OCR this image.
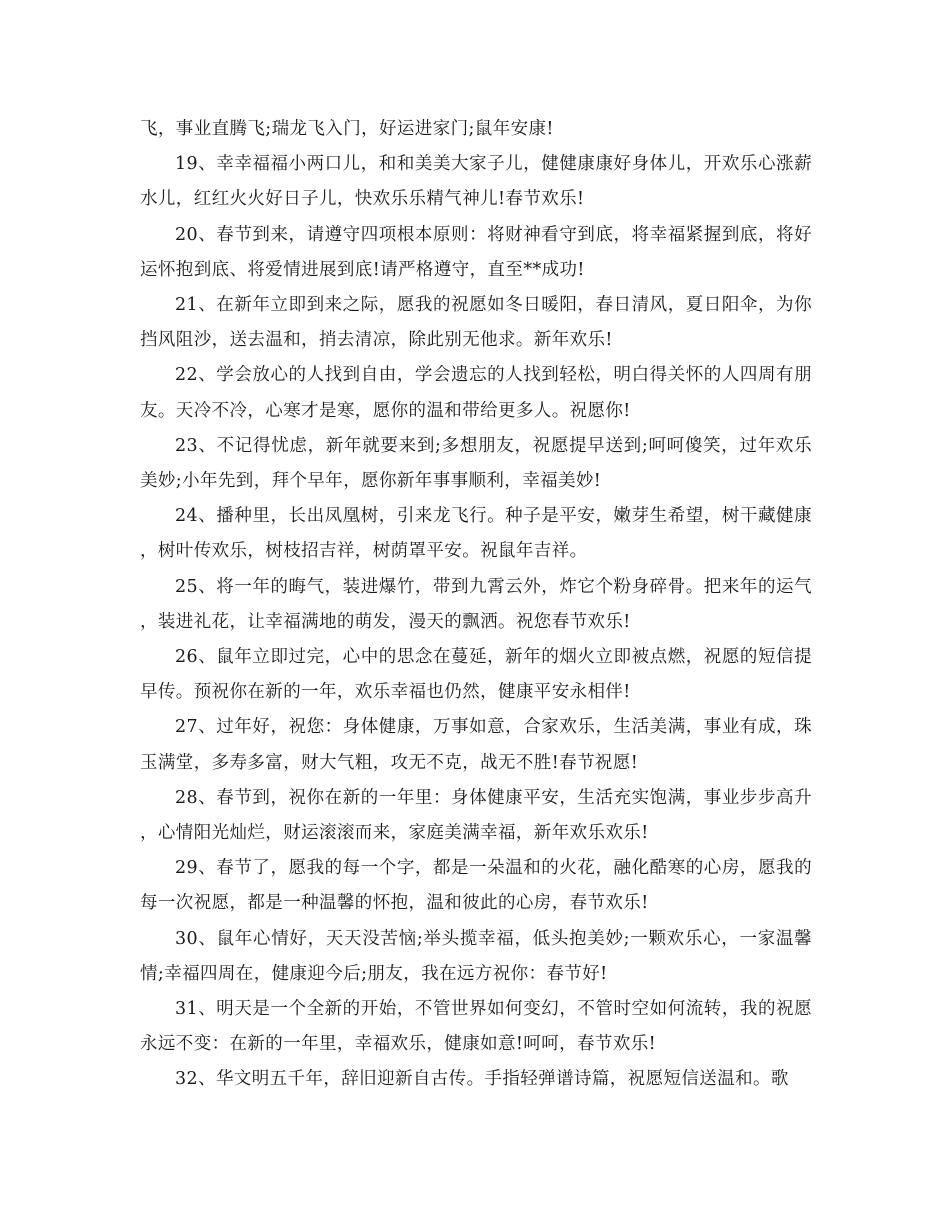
飞，事业直腾飞;瑞龙飞入门，好运进家门;鼠年安康!

19、幸幸福福小两口儿，和和美美大家子儿，健健康康好身体儿，开欢乐心涨薪水儿，红红火火好日子儿，快欢乐乐精气神儿!春节欢乐!

20、春节到来，请遵守四项根本原则：将财神看守到底，将幸福紧握到底，将好运怀抱到底、将爱情进展到底!请严格遵守，直至**成功!

21、在新年立即到来之际，愿我的祝愿如冬日暖阳，春日清风，夏日阳伞，为你挡风阻沙，送去温和，捎去清凉，除此别无他求。新年欢乐!

22、学会放心的人找到自由，学会遗忘的人找到轻松，明白得关怀的人四周有朋友。天冷不冷，心寒才是寒，愿你的温和带给更多人。祝愿你!

23、不记得忧虑，新年就要来到;多想朋友，祝愿提早送到;呵呵傻笑，过年欢乐美妙;小年先到，拜个早年，愿你新年事事顺利，幸福美妙!

24、播种里，长出凤凰树，引来龙飞行。种子是平安，嫩芽生希望，树干藏健康，树叶传欢乐，树枝招吉祥，树荫罩平安。祝鼠年吉祥。

25、将一年的晦气，装进爆竹，带到九霄云外，炸它个粉身碎骨。把来年的运气，装进礼花，让幸福满地的萌发，漫天的飘洒。祝您春节欢乐!

26、鼠年立即过完，心中的思念在蔓延，新年的烟火立即被点燃，祝愿的短信提早传。预祝你在新的一年，欢乐幸福也仍然，健康平安永相伴!

27、过年好，祝您：身体健康，万事如意，合家欢乐，生活美满，事业有成，珠玉满堂，多寿多富，财大气粗，攻无不克，战无不胜!春节祝愿!

28、春节到，祝你在新的一年里：身体健康平安，生活充实饱满，事业步步高升，心情阳光灿烂，财运滚滚而来，家庭美满幸福，新年欢乐欢乐!

29、春节了，愿我的每一个字，都是一朵温和的火花，融化酷寒的心房，愿我的每一次祝愿，都是一种温馨的怀抱，温和彼此的心房，春节欢乐!

30、鼠年心情好，天天没苦恼;举头揽幸福，低头抱美妙;一颗欢乐心，一家温馨情;幸福四周在，健康迎今后;朋友，我在远方祝你：春节好!

31、明天是一个全新的开始，不管世界如何变幻，不管时空如何流转，我的祝愿永远不变：在新的一年里，幸福欢乐，健康如意!呵呵，春节欢乐!

32、华文明五千年，辞旧迎新自古传。手指轻弹谱诗篇，祝愿短信送温和。歌
